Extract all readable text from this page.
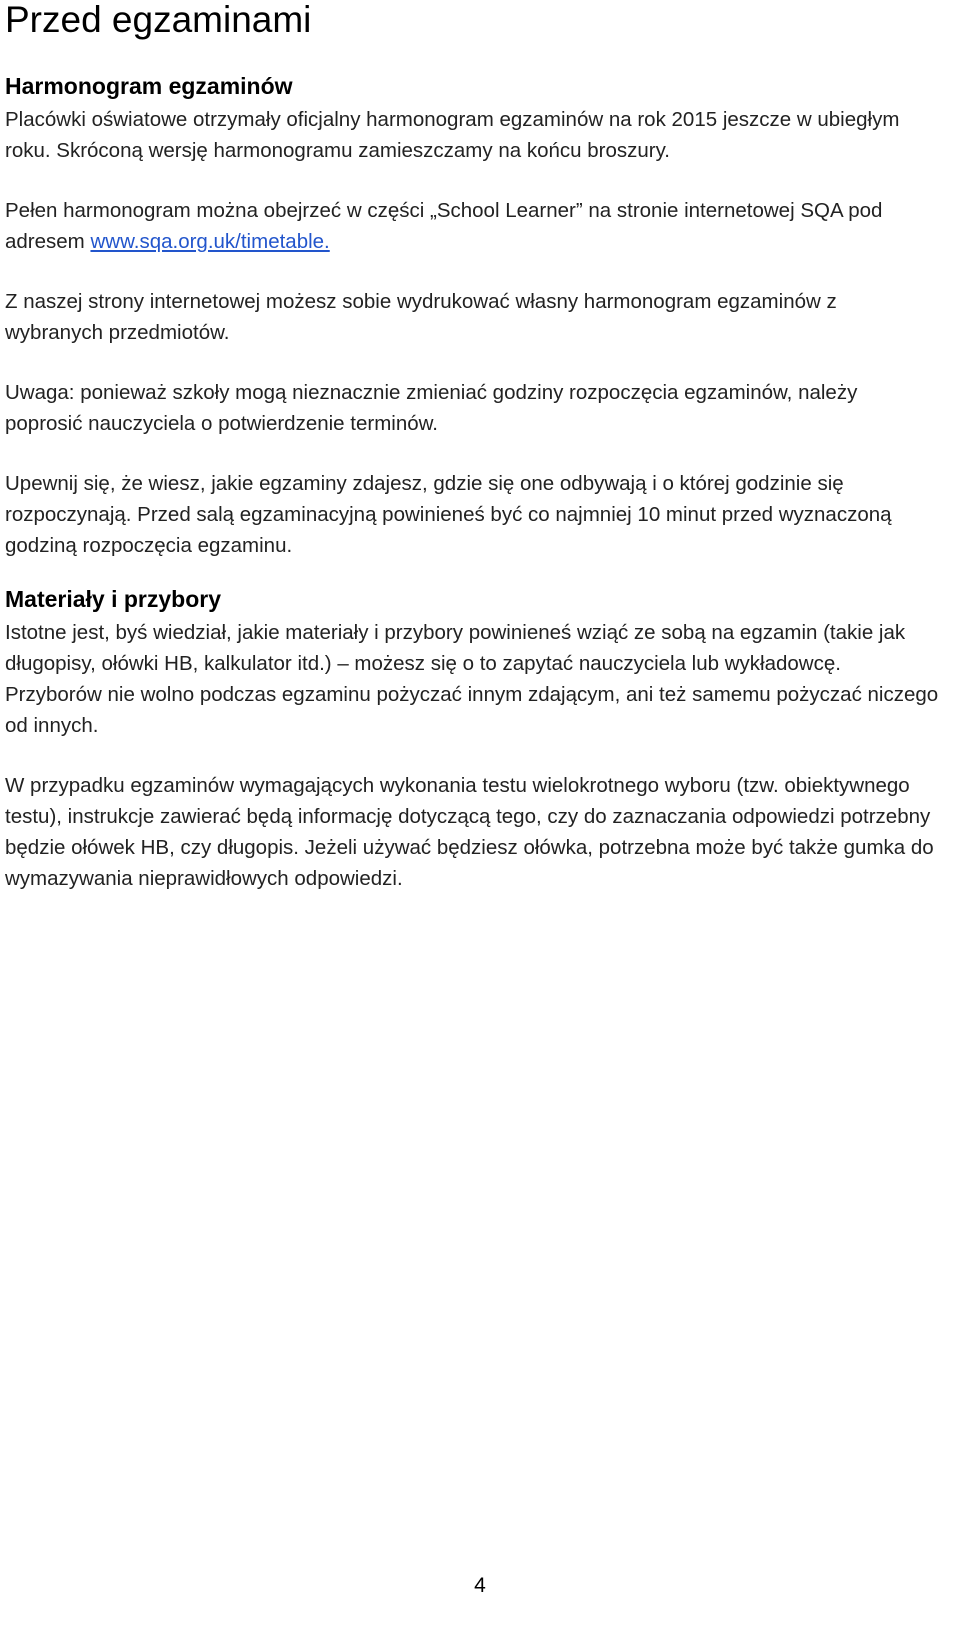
Przed egzaminami
Harmonogram egzaminów

Placówki oświatowe otrzymały oficjalny harmonogram egzaminów na rok 2015 jeszcze w ubiegłym roku. Skróconą wersję harmonogramu zamieszczamy na końcu broszury.

Pełen harmonogram można obejrzeć w części „School Learner” na stronie internetowej SQA pod adresem www.sqa.org.uk/timetable.

Z naszej strony internetowej możesz sobie wydrukować własny harmonogram egzaminów z wybranych przedmiotów.

Uwaga: ponieważ szkoły mogą nieznacznie zmieniać godziny rozpoczęcia egzaminów, należy poprosić nauczyciela o potwierdzenie terminów.

Upewnij się, że wiesz, jakie egzaminy zdajesz, gdzie się one odbywają i o której godzinie się rozpoczynają. Przed salą egzaminacyjną powinieneś być co najmniej 10 minut przed wyznaczoną godziną rozpoczęcia egzaminu.

Materiały i przybory

Istotne jest, byś wiedział, jakie materiały i przybory powinieneś wziąć ze sobą na egzamin (takie jak długopisy, ołówki HB, kalkulator itd.) – możesz się o to zapytać nauczyciela lub wykładowcę. Przyborów nie wolno podczas egzaminu pożyczać innym zdającym, ani też samemu pożyczać niczego od innych.

W przypadku egzaminów wymagających wykonania testu wielokrotnego wyboru (tzw. obiektywnego testu), instrukcje zawierać będą informację dotyczącą tego, czy do zaznaczania odpowiedzi potrzebny będzie ołówek HB, czy długopis. Jeżeli używać będziesz ołówka, potrzebna może być także gumka do wymazywania nieprawidłowych odpowiedzi.

4
